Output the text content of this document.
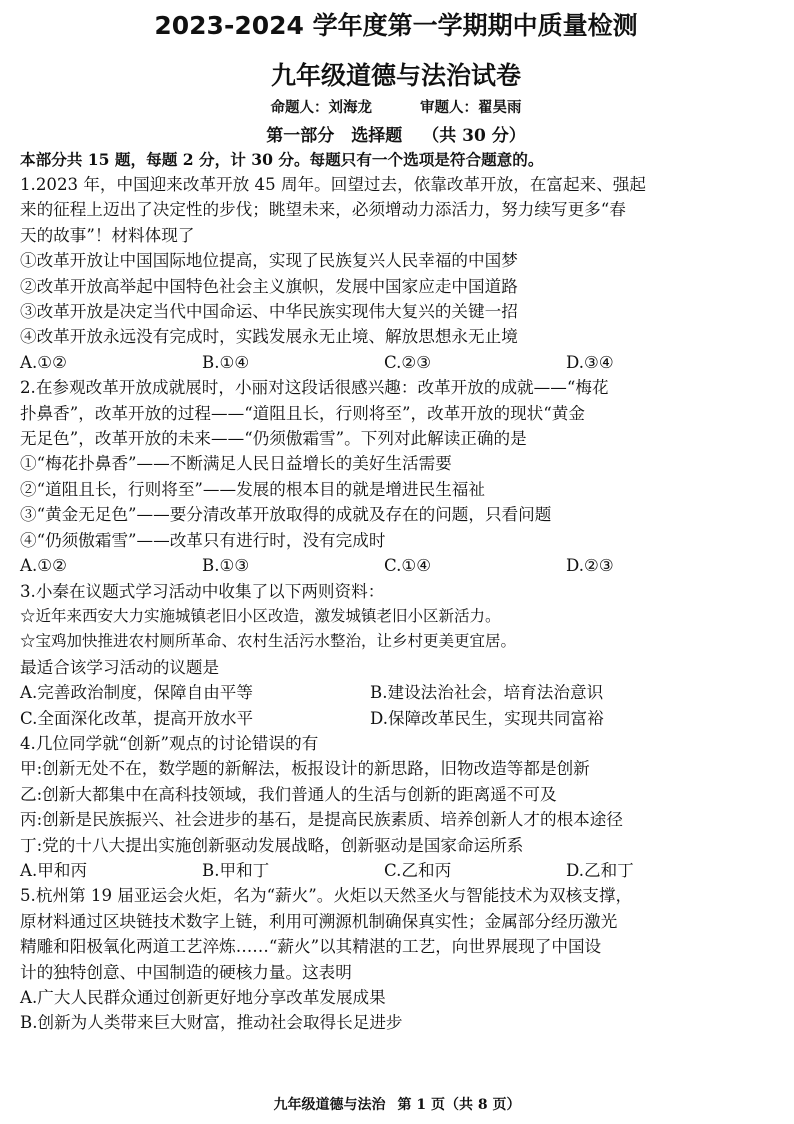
2023-2024 学年度第一学期期中质量检测
九年级道德与法治试卷
命题人：刘海龙	审题人：翟昊雨
第一部分　选择题 （共 30 分）

本部分共 15 题，每题 2 分，计 30 分。每题只有一个选项是符合题意的。

1.2023 年，中国迎来改革开放 45 周年。回望过去，依靠改革开放，在富起来、强起

来的征程上迈出了决定性的步伐；眺望未来，必须增动力添活力，努力续写更多“春

天的故事”！材料体现了

①改革开放让中国国际地位提高，实现了民族复兴人民幸福的中国梦

②改革开放高举起中国特色社会主义旗帜，发展中国家应走中国道路

③改革开放是决定当代中国命运、中华民族实现伟大复兴的关键一招

④改革开放永远没有完成时，实践发展永无止境、解放思想永无止境

A.①②	B.①④	C.②③	D.③④

2.在参观改革开放成就展时，小丽对这段话很感兴趣：改革开放的成就——“梅花

扑鼻香”，改革开放的过程——“道阻且长，行则将至”，改革开放的现状“黄金

无足色”，改革开放的未来——“仍须傲霜雪”。下列对此解读正确的是

①“梅花扑鼻香”——不断满足人民日益增长的美好生活需要

②“道阻且长，行则将至”——发展的根本目的就是增进民生福祉

③“黄金无足色”——要分清改革开放取得的成就及存在的问题，只看问题

④“仍须傲霜雪”——改革只有进行时，没有完成时

A.①②	B.①③	C.①④	D.②③

3.小秦在议题式学习活动中收集了以下两则资料：

☆近年来西安大力实施城镇老旧小区改造，激发城镇老旧小区新活力。

☆宝鸡加快推进农村厕所革命、农村生活污水整治，让乡村更美更宜居。

最适合该学习活动的议题是

A.完善政治制度，保障自由平等	B.建设法治社会，培育法治意识
C.全面深化改革，提高开放水平	D.保障改革民生，实现共同富裕

4.几位同学就“创新”观点的讨论错误的有

甲:创新无处不在，数学题的新解法，板报设计的新思路，旧物改造等都是创新

乙:创新大都集中在高科技领域，我们普通人的生活与创新的距离遥不可及

丙:创新是民族振兴、社会进步的基石，是提高民族素质、培养创新人才的根本途径

丁:党的十八大提出实施创新驱动发展战略，创新驱动是国家命运所系

A.甲和丙	B.甲和丁	C.乙和丙	D.乙和丁

5.杭州第 19 届亚运会火炬，名为“薪火”。火炬以天然圣火与智能技术为双核支撑，

原材料通过区块链技术数字上链，利用可溯源机制确保真实性；金属部分经历激光

精雕和阳极氧化两道工艺淬炼……“薪火”以其精湛的工艺，向世界展现了中国设

计的独特创意、中国制造的硬核力量。这表明

A.广大人民群众通过创新更好地分享改革发展成果

B.创新为人类带来巨大财富，推动社会取得长足进步

九年级道德与法治 第 1 页（共 8 页）
